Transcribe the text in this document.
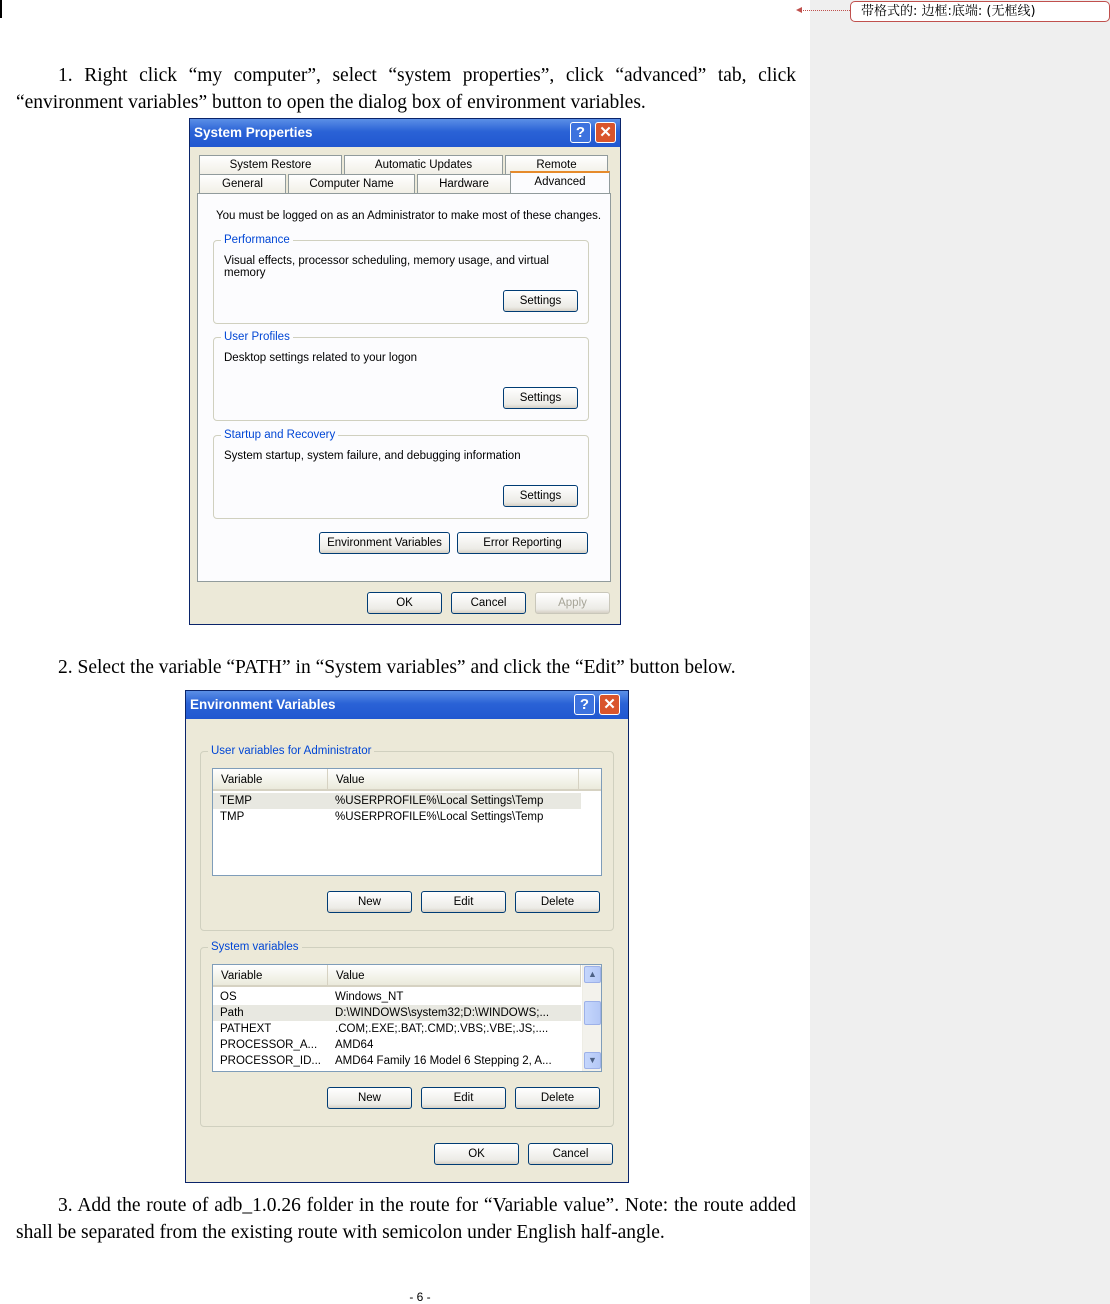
带格式的: 边框:底端: (无框线)

1. Right click “my computer”, select “system properties”, click “advanced” tab, click “environment variables” button to open the dialog box of environment variables.

2. Select the variable “PATH” in “System variables” and click the “Edit” button below.

3. Add the route of adb_1.0.26 folder in the route for “Variable value”. Note: the route added shall be separated from the existing route with semicolon under English half-angle.

- 6 -
System Properties	? ✕
System Restore	Automatic Updates	Remote
General	Computer Name	Hardware
You must be logged on as an Administrator to make most of these changes.
Performance
Visual effects, processor scheduling, memory usage, and virtual memory
Settings
User Profiles
Desktop settings related to your logon
Settings
Startup and Recovery
System startup, system failure, and debugging information
Settings
Environment Variables	Error Reporting
Advanced
OK	Cancel	Apply
Environment Variables	? ✕
User variables for Administrator
Variable	Value
TEMP	%USERPROFILE%\Local Settings\Temp
TMP	%USERPROFILE%\Local Settings\Temp
New	Edit	Delete
System variables
Variable	Value
OS	Windows_NT
Path	D:\WINDOWS\system32;D:\WINDOWS;...
PATHEXT	.COM;.EXE;.BAT;.CMD;.VBS;.VBE;.JS;....
PROCESSOR_A...	AMD64
PROCESSOR_ID...	AMD64 Family 16 Model 6 Stepping 2, A...
▲
▼
New	Edit	Delete
OK	Cancel
